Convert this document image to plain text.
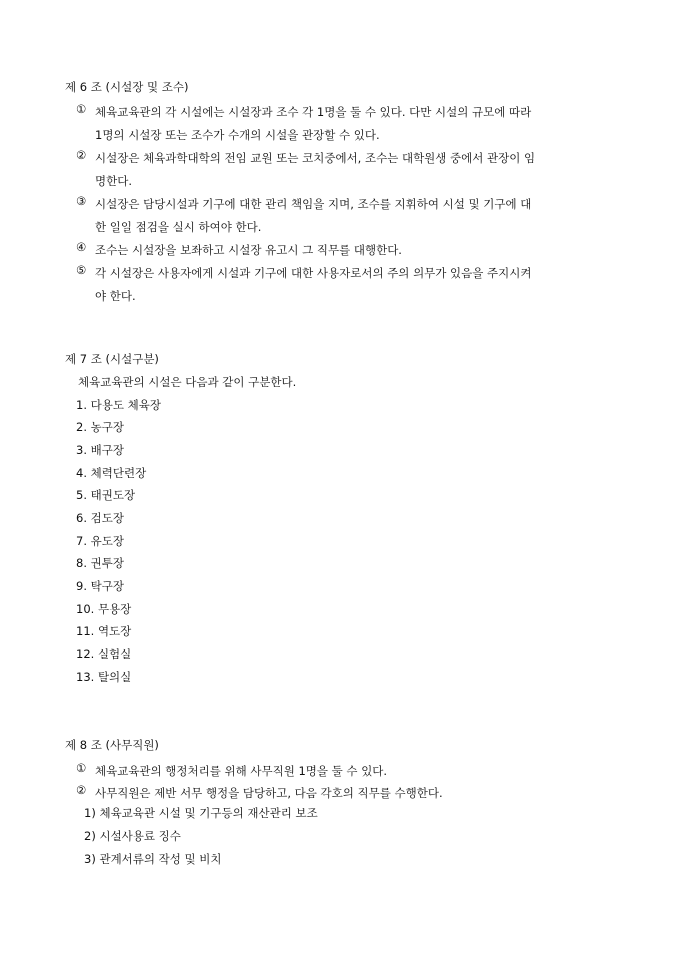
제 6 조 (시설장 및 조수)
① 체육교육관의 각 시설에는 시설장과 조수 각 1명을 둘 수 있다. 다만 시설의 규모에 따라
1명의 시설장 또는 조수가 수개의 시설을 관장할 수 있다.
② 시설장은 체육과학대학의 전임 교원 또는 코치중에서, 조수는 대학원생 중에서 관장이 임
명한다.
③ 시설장은 담당시설과 기구에 대한 관리 책임을 지며, 조수를 지휘하여 시설 및 기구에 대
한 일일 점검을 실시 하여야 한다.
④ 조수는 시설장을 보좌하고 시설장 유고시 그 직무를 대행한다.
⑤ 각 시설장은 사용자에게 시설과 기구에 대한 사용자로서의 주의 의무가 있음을 주지시켜
야 한다.
제 7 조 (시설구분)
체육교육관의 시설은 다음과 같이 구분한다.
1. 다용도 체육장
2. 농구장
3. 배구장
4. 체력단련장
5. 태권도장
6. 검도장
7. 유도장
8. 권투장
9. 탁구장
10. 무용장
11. 역도장
12. 실험실
13. 탈의실
제 8 조 (사무직원)
① 체육교육관의 행정처리를 위해 사무직원 1명을 둘 수 있다.
② 사무직원은 제반 서무 행정을 담당하고, 다음 각호의 직무를 수행한다.
1) 체육교육관 시설 및 기구등의 재산관리 보조
2) 시설사용료 징수
3) 관계서류의 작성 및 비치
